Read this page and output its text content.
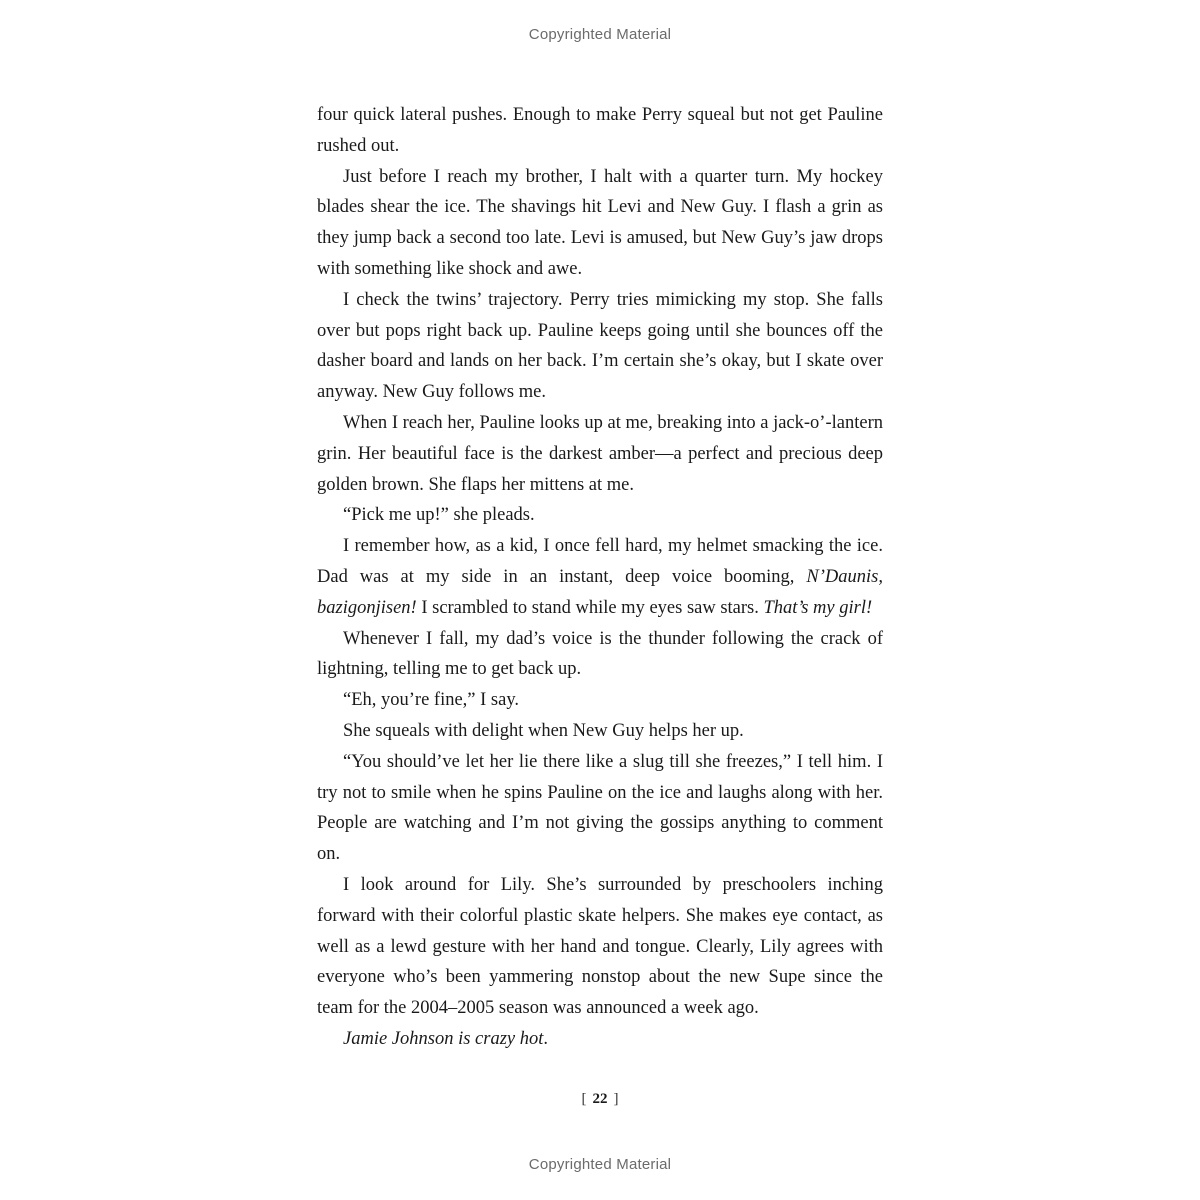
Copyrighted Material

four quick lateral pushes. Enough to make Perry squeal but not get Pauline rushed out.

Just before I reach my brother, I halt with a quarter turn. My hockey blades shear the ice. The shavings hit Levi and New Guy. I flash a grin as they jump back a second too late. Levi is amused, but New Guy’s jaw drops with something like shock and awe.

I check the twins’ trajectory. Perry tries mimicking my stop. She falls over but pops right back up. Pauline keeps going until she bounces off the dasher board and lands on her back. I’m certain she’s okay, but I skate over anyway. New Guy follows me.

When I reach her, Pauline looks up at me, breaking into a jack-o’-lantern grin. Her beautiful face is the darkest amber—a perfect and precious deep golden brown. She flaps her mittens at me.

“Pick me up!” she pleads.

I remember how, as a kid, I once fell hard, my helmet smacking the ice. Dad was at my side in an instant, deep voice booming, N’Daunis, bazigonjisen! I scrambled to stand while my eyes saw stars. That’s my girl!

Whenever I fall, my dad’s voice is the thunder following the crack of lightning, telling me to get back up.

“Eh, you’re fine,” I say.

She squeals with delight when New Guy helps her up.

“You should’ve let her lie there like a slug till she freezes,” I tell him. I try not to smile when he spins Pauline on the ice and laughs along with her. People are watching and I’m not giving the gossips anything to comment on.

I look around for Lily. She’s surrounded by preschoolers inching forward with their colorful plastic skate helpers. She makes eye contact, as well as a lewd gesture with her hand and tongue. Clearly, Lily agrees with everyone who’s been yammering nonstop about the new Supe since the team for the 2004–2005 season was announced a week ago.

Jamie Johnson is crazy hot.

[ 22 ]
Copyrighted Material
